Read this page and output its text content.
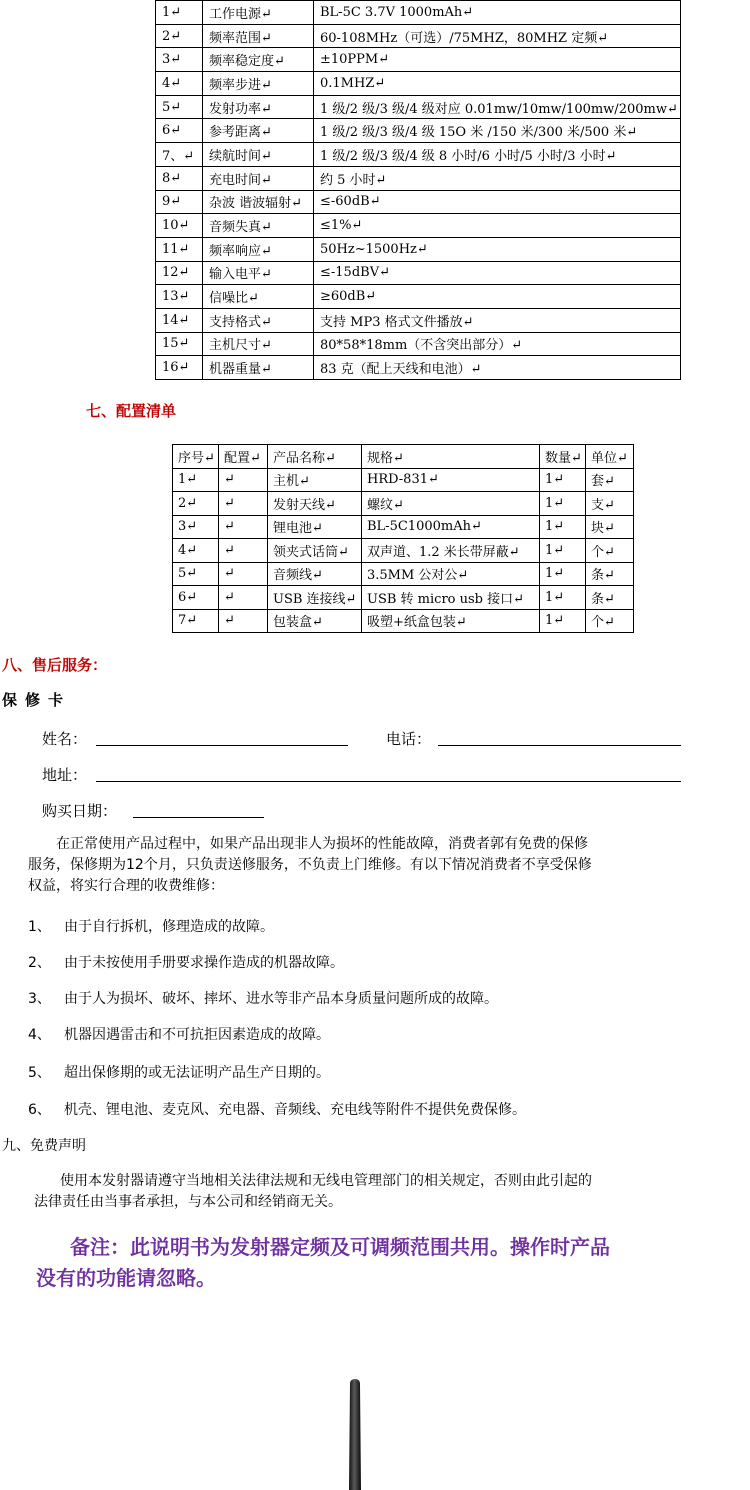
1↵	工作电源↵	BL-5C 3.7V 1000mAh↵
2↵	频率范围↵	60-108MHz（可选）/75MHZ，80MHZ 定频↵
3↵	频率稳定度↵	±10PPM↵
4↵	频率步进↵	0.1MHZ↵
5↵	发射功率↵	1 级/2 级/3 级/4 级对应 0.01mw/10mw/100mw/200mw↵
6↵	参考距离↵	1 级/2 级/3 级/4 级 15O 米 /150 米/300 米/500 米↵
7、↵	续航时间↵	1 级/2 级/3 级/4 级 8 小时/6 小时/5 小时/3 小时↵
8↵	充电时间↵	约 5 小时↵
9↵	杂波 谐波辐射↵	≤-60dB↵
10↵	音频失真↵	≤1%↵
11↵	频率响应↵	50Hz~1500Hz↵
12↵	输入电平↵	≤-15dBV↵
13↵	信噪比↵	≥60dB↵
14↵	支持格式↵	支持 MP3 格式文件播放↵
15↵	主机尺寸↵	80*58*18mm（不含突出部分）↵
16↵	机器重量↵	83 克（配上天线和电池）↵
七、配置清单
序号↵	配置↵	产品名称↵	规格↵	数量↵	单位↵
1↵	↵	主机↵	HRD-831↵	1↵	套↵
2↵	↵	发射天线↵	螺纹↵	1↵	支↵
3↵	↵	锂电池↵	BL-5C1000mAh↵	1↵	块↵
4↵	↵	领夹式话筒↵	双声道、1.2 米长带屏蔽↵	1↵	个↵
5↵	↵	音频线↵	3.5MM 公对公↵	1↵	条↵
6↵	↵	USB 连接线↵	USB 转 micro usb 接口↵	1↵	条↵
7↵	↵	包装盒↵	吸塑+纸盒包装↵	1↵	个↵
八、售后服务：
保修卡
姓名：	电话：
地址：
购买日期：
在正常使用产品过程中，如果产品出现非人为损坏的性能故障，消费者郭有免费的保修
服务，保修期为12个月，只负责送修服务，不负责上门维修。有以下情况消费者不享受保修
权益，将实行合理的收费维修：
1、 由于自行拆机，修理造成的故障。
2、 由于未按使用手册要求操作造成的机器故障。
3、 由于人为损坏、破坏、摔坏、进水等非产品本身质量问题所成的故障。
4、 机器因遇雷击和不可抗拒因素造成的故障。
5、 超出保修期的或无法证明产品生产日期的。
6、 机壳、锂电池、麦克风、充电器、音频线、充电线等附件不提供免费保修。
九、免费声明
使用本发射器请遵守当地相关法律法规和无线电管理部门的相关规定，否则由此引起的
法律责任由当事者承担，与本公司和经销商无关。
备注：此说明书为发射器定频及可调频范围共用。操作时产品
没有的功能请忽略。
